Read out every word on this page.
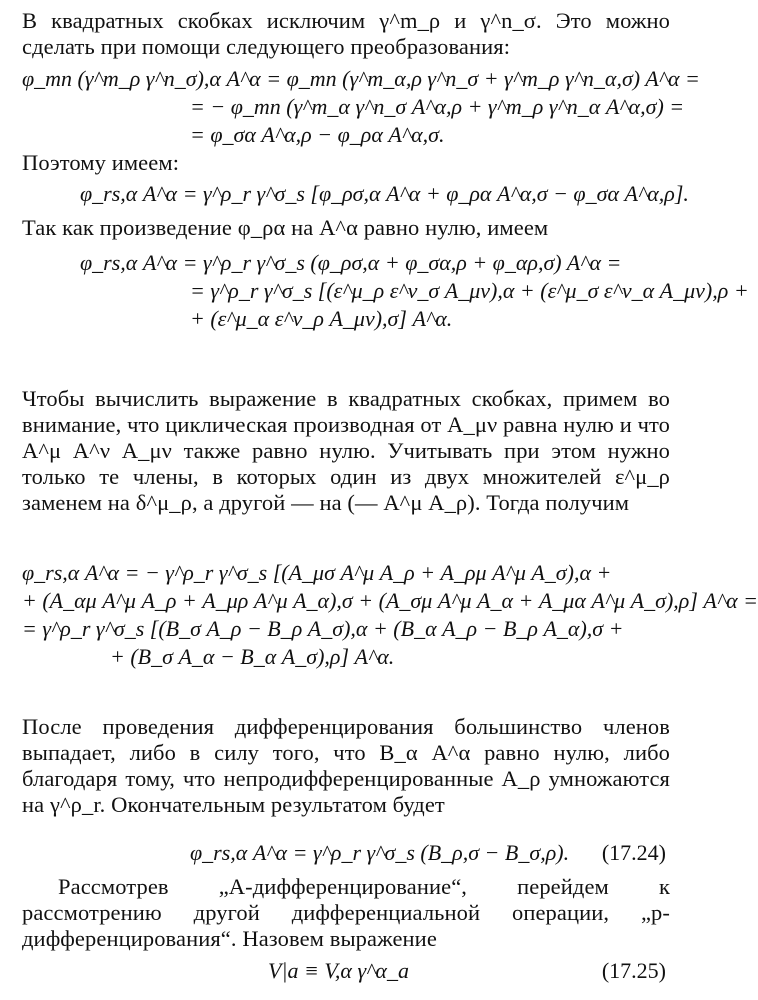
В квадратных скобках исключим γ^m_ρ и γ^n_σ. Это можно сделать при помощи следующего преобразования:
φ_mn (γ^m_ρ γ^n_σ),α A^α = φ_mn (γ^m_α,ρ γ^n_σ + γ^m_ρ γ^n_α,σ) A^α =
= − φ_mn (γ^m_α γ^n_σ A^α,ρ + γ^m_ρ γ^n_α A^α,σ) =
= φ_σα A^α,ρ − φ_ρα A^α,σ.
Поэтому имеем:
φ_rs,α A^α = γ^ρ_r γ^σ_s [φ_ρσ,α A^α + φ_ρα A^α,σ − φ_σα A^α,ρ].
Так как произведение φ_ρα на A^α равно нулю, имеем
φ_rs,α A^α = γ^ρ_r γ^σ_s (φ_ρσ,α + φ_σα,ρ + φ_αρ,σ) A^α =
= γ^ρ_r γ^σ_s [(ε^μ_ρ ε^ν_σ A_μν),α + (ε^μ_σ ε^ν_α A_μν),ρ +
+ (ε^μ_α ε^ν_ρ A_μν),σ] A^α.
Чтобы вычислить выражение в квадратных скобках, примем во внимание, что циклическая производная от A_μν равна нулю и что A^μ A^ν A_μν также равно нулю. Учитывать при этом нужно только те члены, в которых один из двух множителей ε^μ_ρ заменем на δ^μ_ρ, а другой — на (— A^μ A_ρ). Тогда получим
φ_rs,α A^α = − γ^ρ_r γ^σ_s [(A_μσ A^μ A_ρ + A_ρμ A^μ A_σ),α +
+ (A_αμ A^μ A_ρ + A_μρ A^μ A_α),σ + (A_σμ A^μ A_α + A_μα A^μ A_σ),ρ] A^α =
= γ^ρ_r γ^σ_s [(B_σ A_ρ − B_ρ A_σ),α + (B_α A_ρ − B_ρ A_α),σ +
+ (B_σ A_α − B_α A_σ),ρ] A^α.
После проведения дифференцирования большинство членов выпадает, либо в силу того, что B_α A^α равно нулю, либо благодаря тому, что непродифференцированные A_ρ умножаются на γ^ρ_r. Окончательным результатом будет
φ_rs,α A^α = γ^ρ_r γ^σ_s (B_ρ,σ − B_σ,ρ). (17.24)
Рассмотрев „A-дифференцирование“, перейдем к рассмотрению другой дифференциальной операции, „p-дифференцирования“. Назовем выражение
V|a ≡ V,α γ^α_a	(17.25)
